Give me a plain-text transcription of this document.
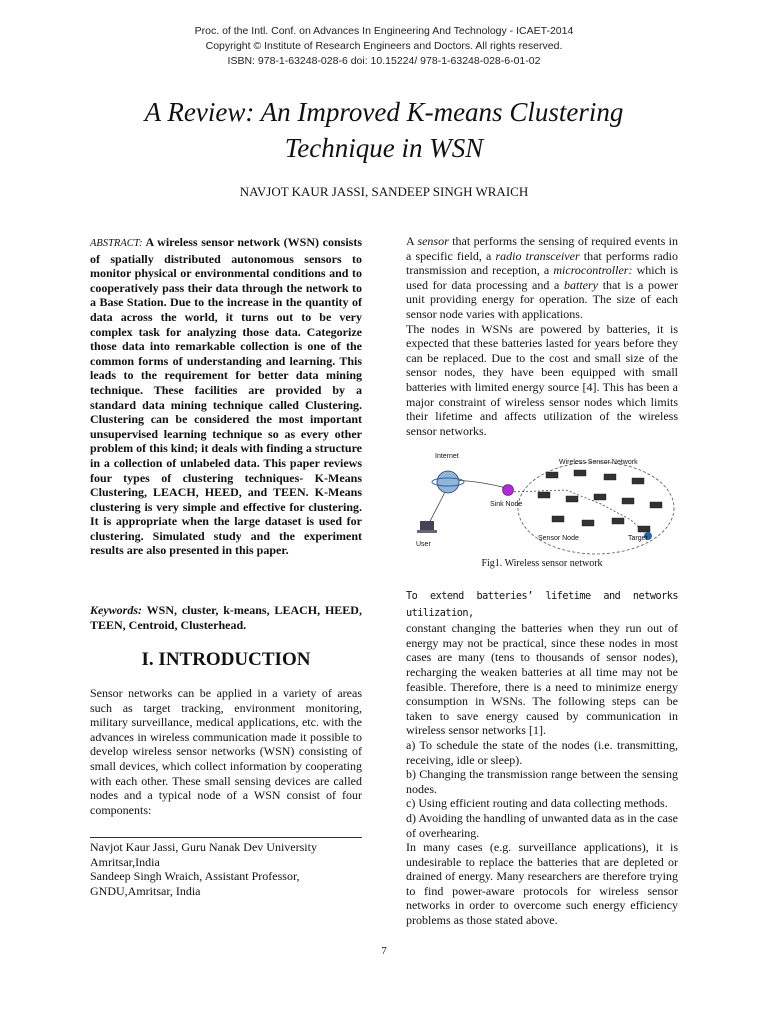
Proc. of the Intl. Conf. on Advances In Engineering And Technology - ICAET-2014
Copyright © Institute of Research Engineers and Doctors. All rights reserved.
ISBN: 978-1-63248-028-6 doi: 10.15224/ 978-1-63248-028-6-01-02
A Review: An Improved K-means Clustering
Technique in WSN
NAVJOT KAUR JASSI, SANDEEP SINGH WRAICH
ABSTRACT: A wireless sensor network (WSN) consists of spatially distributed autonomous sensors to monitor physical or environmental conditions and to cooperatively pass their data through the network to a Base Station. Due to the increase in the quantity of data across the world, it turns out to be very complex task for analyzing those data. Categorize those data into remarkable collection is one of the common forms of understanding and learning. This leads to the requirement for better data mining technique. These facilities are provided by a standard data mining technique called Clustering. Clustering can be considered the most important unsupervised learning technique so as every other problem of this kind; it deals with finding a structure in a collection of unlabeled data. This paper reviews four types of clustering techniques- K-Means Clustering, LEACH, HEED, and TEEN. K-Means clustering is very simple and effective for clustering. It is appropriate when the large dataset is used for clustering. Simulated study and the experiment results are also presented in this paper.
Keywords: WSN, cluster, k-means, LEACH, HEED, TEEN, Centroid, Clusterhead.
I. INTRODUCTION
Sensor networks can be applied in a variety of areas such as target tracking, environment monitoring, military surveillance, medical applications, etc. with the advances in wireless communication made it possible to develop wireless sensor networks (WSN) consisting of small devices, which collect information by cooperating with each other. These small sensing devices are called nodes and a typical node of a WSN consist of four components:
Navjot Kaur Jassi, Guru Nanak Dev University
Amritsar,India
Sandeep Singh Wraich, Assistant Professor,
GNDU,Amritsar, India

A sensor that performs the sensing of required events in a specific field, a radio transceiver that performs radio transmission and reception, a microcontroller: which is used for data processing and a battery that is a power unit providing energy for operation. The size of each sensor node varies with applications.

The nodes in WSNs are powered by batteries, it is expected that these batteries lasted for years before they can be replaced. Due to the cost and small size of the sensor nodes, they have been equipped with small batteries with limited energy source [4]. This has been a major constraint of wireless sensor nodes which limits their lifetime and affects utilization of the wireless sensor networks.

Internet
Wireless Sensor Network
Sink Node
User
Sensor Node	Target
Fig1. Wireless sensor network

To extend batteries’ lifetime and networks utilization,

constant changing the batteries when they run out of energy may not be practical, since these nodes in most cases are many (tens to thousands of sensor nodes), recharging the weaken batteries at all time may not be feasible. Therefore, there is a need to minimize energy consumption in WSNs. The following steps can be taken to save energy caused by communication in wireless sensor networks [1].

a) To schedule the state of the nodes (i.e. transmitting, receiving, idle or sleep).

b) Changing the transmission range between the sensing nodes.

c) Using efficient routing and data collecting methods.

d) Avoiding the handling of unwanted data as in the case of overhearing.

In many cases (e.g. surveillance applications), it is undesirable to replace the batteries that are depleted or drained of energy. Many researchers are therefore trying to find power-aware protocols for wireless sensor networks in order to overcome such energy efficiency problems as those stated above.

7
